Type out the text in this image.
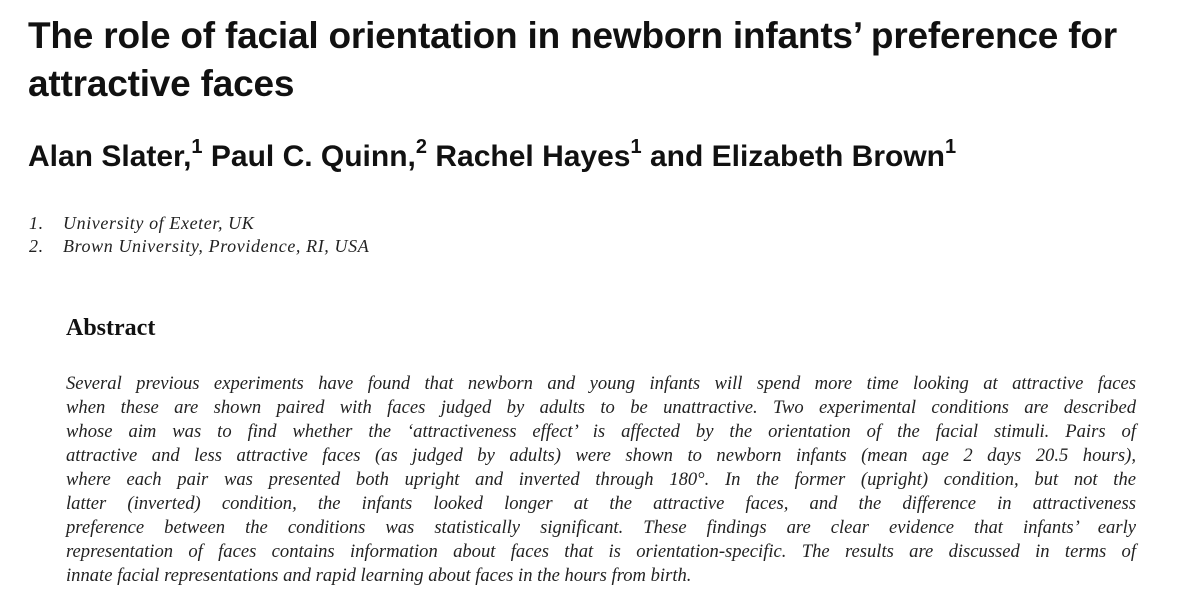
The role of facial orientation in newborn infants’ preference for attractive faces
Alan Slater,$^1$ Paul C. Quinn,$^2$ Rachel Hayes$^1$ and Elizabeth Brown$^1$
1. University of Exeter, UK
2. Brown University, Providence, RI, USA
Abstract
Several previous experiments have found that newborn and young infants will spend more time looking at attractive faces
when these are shown paired with faces judged by adults to be unattractive. Two experimental conditions are described
whose aim was to find whether the ‘attractiveness effect’ is affected by the orientation of the facial stimuli. Pairs of
attractive and less attractive faces (as judged by adults) were shown to newborn infants (mean age 2 days 20.5 hours),
where each pair was presented both upright and inverted through 180°. In the former (upright) condition, but not the
latter (inverted) condition, the infants looked longer at the attractive faces, and the difference in attractiveness
preference between the conditions was statistically significant. These findings are clear evidence that infants’ early
representation of faces contains information about faces that is orientation-specific. The results are discussed in terms of
innate facial representations and rapid learning about faces in the hours from birth.
